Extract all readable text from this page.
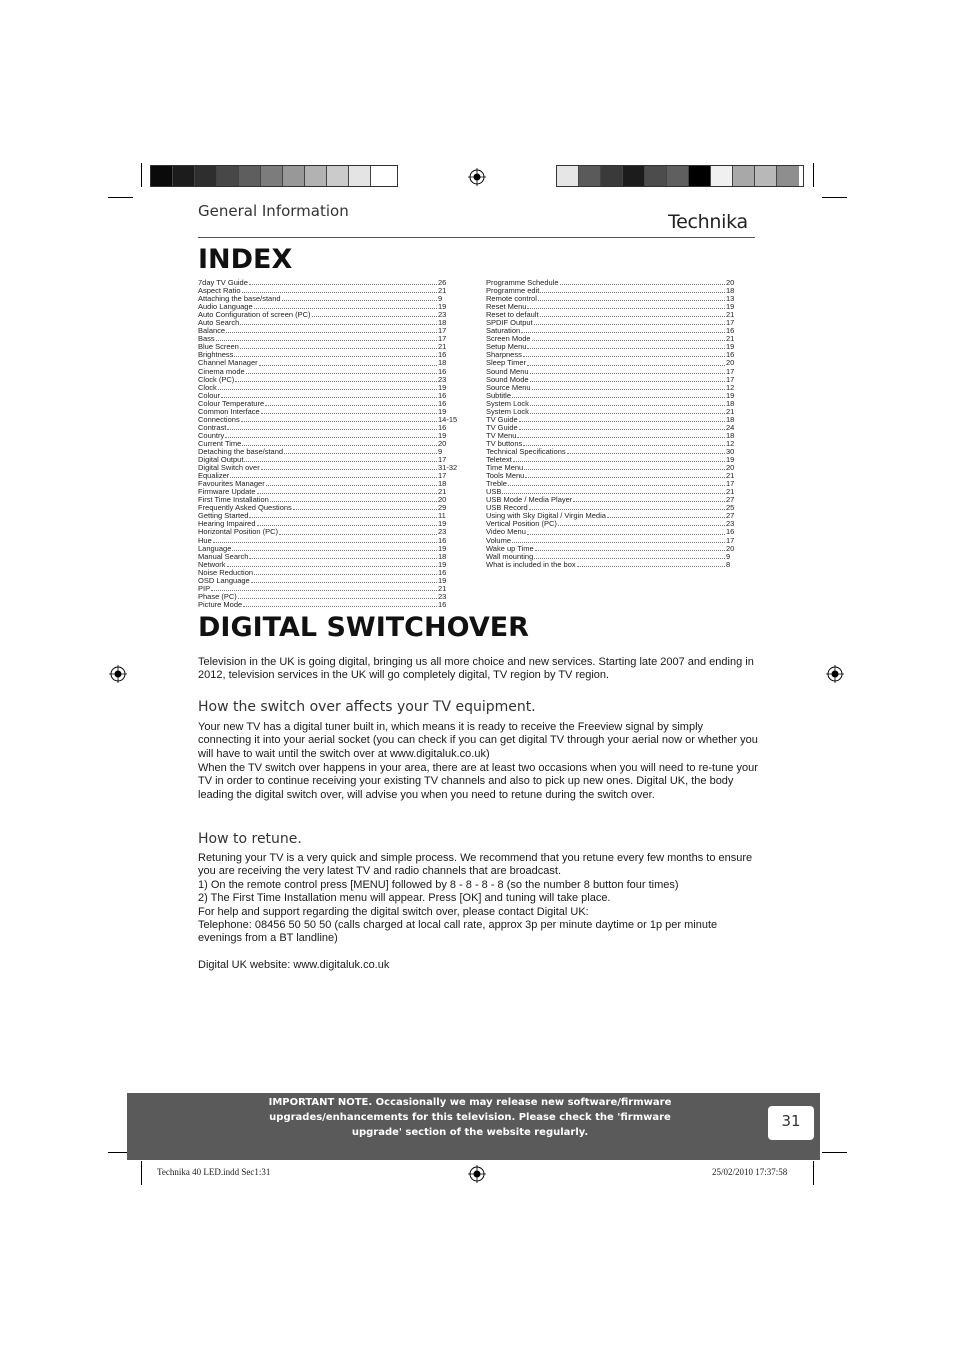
General Information	Technika
INDEX
7day TV Guide	26
Aspect Ratio	21
Attaching the base/stand	9
Audio Language	19
Auto Configuration of screen (PC)	23
Auto Search	18
Balance	17
Bass	17
Blue Screen	21
Brightness	16
Channel Manager	18
Cinema mode	16
Clock (PC)	23
Clock	19
Colour	16
Colour Temperature	16
Common Interface	19
Connections	14-15
Contrast	16
Country	19
Current Time	20
Detaching the base/stand	9
Digital Output	17
Digital Switch over	31-32
Equalizer	17
Favourites Manager	18
Firmware Update	21
First Time Installation	20
Frequently Asked Questions	29
Getting Started	11
Hearing Impaired	19
Horizontal Position (PC)	23
Hue	16
Language	19
Manual Search	18
Network	19
Noise Reduction	16
OSD Language	19
PIP	21
Phase (PC)	23
Picture Mode	16
Programme Schedule	20
Programme edit	18
Remote control	13
Reset Menu	19
Reset to default	21
SPDIF Output	17
Saturation	16
Screen Mode	21
Setup Menu	19
Sharpness	16
Sleep Timer	20
Sound Menu	17
Sound Mode	17
Source Menu	12
Subtitle	19
System Lock	18
System Lock	21
TV Guide	18
TV Guide	24
TV Menu	18
TV buttons	12
Technical Specifications	30
Teletext	19
Time Menu	20
Tools Menu	21
Treble	17
USB	21
USB Mode / Media Player	27
USB Record	25
Using with Sky Digital / Virgin Media	27
Vertical Position (PC)	23
Video Menu	16
Volume	17
Wake up Time	20
Wall mounting	9
What is included in the box	8
DIGITAL SWITCHOVER

Television in the UK is going digital, bringing us all more choice and new services. Starting late 2007 and ending in 2012, television services in the UK will go completely digital, TV region by TV region.

How the switch over affects your TV equipment.

Your new TV has a digital tuner built in, which means it is ready to receive the Freeview signal by simply connecting it into your aerial socket (you can check if you can get digital TV through your aerial now or whether you will have to wait until the switch over at www.digitaluk.co.uk)

When the TV switch over happens in your area, there are at least two occasions when you will need to re-tune your TV in order to continue receiving your existing TV channels and also to pick up new ones. Digital UK, the body leading the digital switch over, will advise you when you need to retune during the switch over.

How to retune.

Retuning your TV is a very quick and simple process. We recommend that you retune every few months to ensure you are receiving the very latest TV and radio channels that are broadcast.

1) On the remote control press [MENU] followed by 8 - 8 - 8 - 8 (so the number 8 button four times)

2) The First Time Installation menu will appear. Press [OK] and tuning will take place.

For help and support regarding the digital switch over, please contact Digital UK:

Telephone: 08456 50 50 50 (calls charged at local call rate, approx 3p per minute daytime or 1p per minute evenings from a BT landline)

Digital UK website: www.digitaluk.co.uk

IMPORTANT NOTE. Occasionally we may release new software/firmware
upgrades/enhancements for this television. Please check the 'firmware
upgrade' section of the website regularly.
31
Technika 40 LED.indd Sec1:31	25/02/2010 17:37:58
